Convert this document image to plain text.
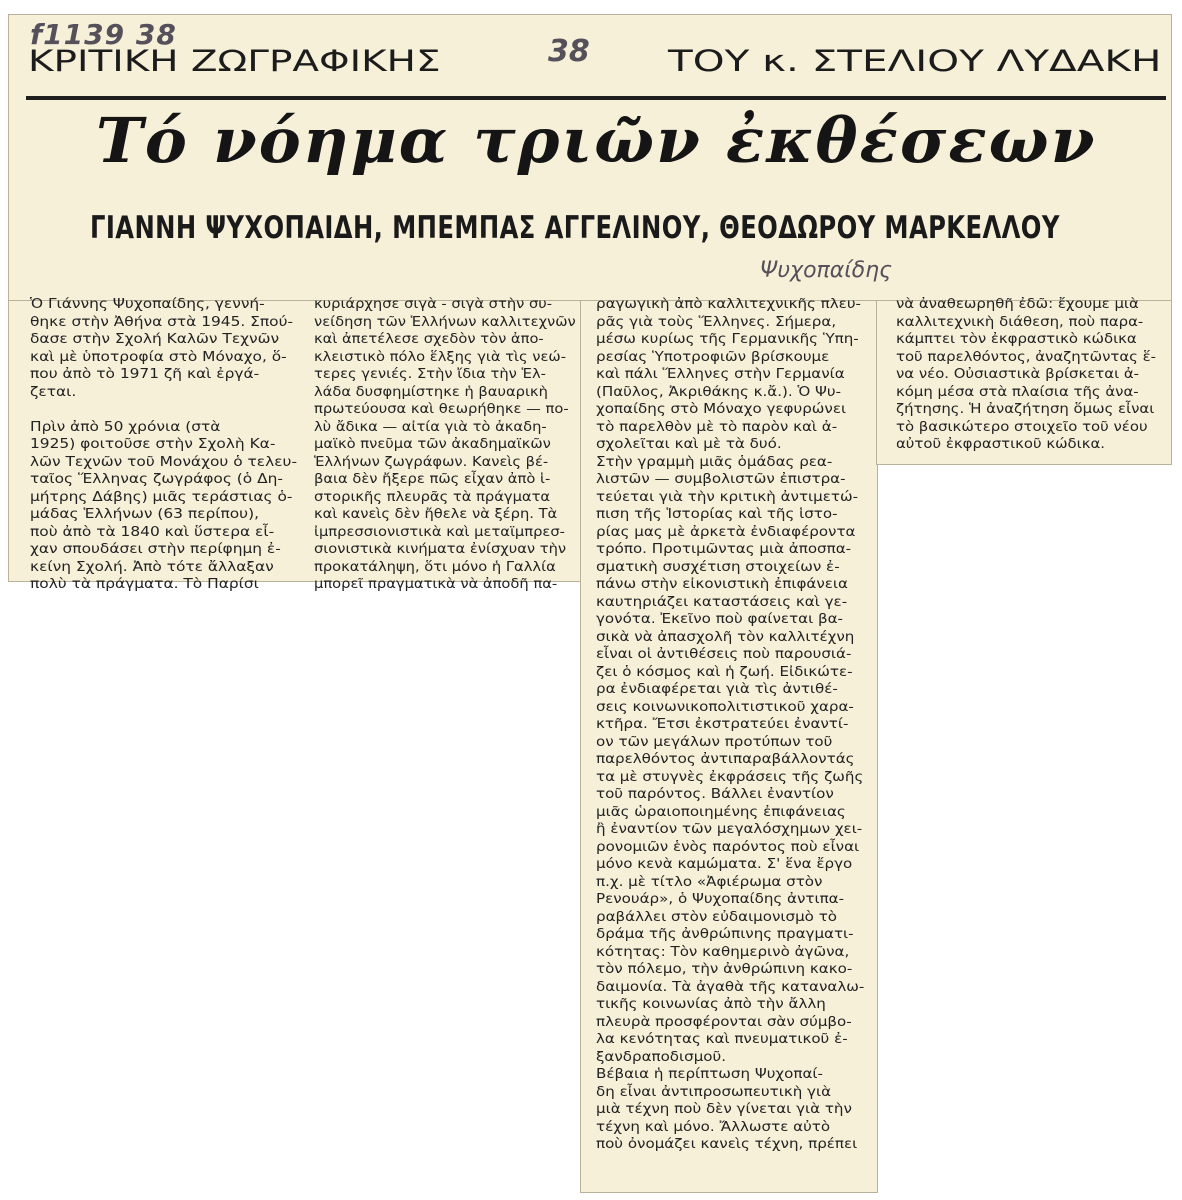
f1139 38	38
Ψυχοπαίδης
ΚΡΙΤΙΚΗ ΖΩΓΡΑΦΙΚΗΣ	ΤΟΥ κ. ΣΤΕΛΙΟΥ ΛΥΔΑΚΗ
Τό νόημα τριῶν ἐκθέσεων
ΓΙΑΝΝΗ ΨΥΧΟΠΑΙΔΗ, ΜΠΕΜΠΑΣ ΑΓΓΕΛΙΝΟΥ, ΘΕΟΔΩΡΟΥ ΜΑΡΚΕΛΛΟΥ
Ὁ Γιάννης Ψυχοπαίδης, γεννή-
θηκε στὴν Ἀθήνα στὰ 1945. Σπού-
δασε στὴν Σχολή Καλῶν Τεχνῶν
καὶ μὲ ὑποτροφία στὸ Μόναχο, ὅ-
που ἀπὸ τὸ 1971 ζῆ καὶ ἐργά-
ζεται.
Πρὶν ἀπὸ 50 χρόνια (στὰ
1925) φοιτοῦσε στὴν Σχολὴ Κα-
λῶν Τεχνῶν τοῦ Μονάχου ὁ τελευ-
ταῖος Ἕλληνας ζωγράφος (ὁ Δη-
μήτρης Δάβης) μιᾶς τεράστιας ὁ-
μάδας Ἑλλήνων (63 περίπου),
ποὺ ἀπὸ τὰ 1840 καὶ ὕστερα εἶ-
χαν σπουδάσει στὴν περίφημη ἐ-
κείνη Σχολή. Ἀπὸ τότε ἄλλαξαν
πολὺ τὰ πράγματα. Τὸ Παρίσι
κυριάρχησε σιγὰ - σιγὰ στὴν συ-
νείδηση τῶν Ἑλλήνων καλλιτεχνῶν
καὶ ἀπετέλεσε σχεδὸν τὸν ἀπο-
κλειστικὸ πόλο ἕλξης γιὰ τὶς νεώ-
τερες γενιές. Στὴν ἴδια τὴν Ἑλ-
λάδα δυσφημίστηκε ἡ βαυαρικὴ
πρωτεύουσα καὶ θεωρήθηκε — πο-
λὺ ἄδικα — αἰτία γιὰ τὸ ἀκαδη-
μαϊκὸ πνεῦμα τῶν ἀκαδημαϊκῶν
Ἑλλήνων ζωγράφων. Κανεὶς βέ-
βαια δὲν ἤξερε πῶς εἶχαν ἀπὸ ἱ-
στορικῆς πλευρᾶς τὰ πράγματα
καὶ κανεὶς δὲν ἤθελε νὰ ξέρη. Τὰ
ἰμπρεσσιονιστικὰ καὶ μεταϊμπρεσ-
σιονιστικὰ κινήματα ἐνίσχυαν τὴν
προκατάληψη, ὅτι μόνο ἡ Γαλλία
μπορεῖ πραγματικὰ νὰ ἀποδῆ πα-
ραγωγικὴ ἀπὸ καλλιτεχνικῆς πλευ-
ρᾶς γιὰ τοὺς Ἕλληνες. Σήμερα,
μέσω κυρίως τῆς Γερμανικῆς Ὑπη-
ρεσίας Ὑποτροφιῶν βρίσκουμε
καὶ πάλι Ἕλληνες στὴν Γερμανία
(Παῦλος, Ἀκριθάκης κ.ἄ.). Ὁ Ψυ-
χοπαίδης στὸ Μόναχο γεφυρώνει
τὸ παρελθὸν μὲ τὸ παρὸν καὶ ἀ-
σχολεῖται καὶ μὲ τὰ δυό.
Στὴν γραμμὴ μιᾶς ὁμάδας ρεα-
λιστῶν — συμβολιστῶν ἐπιστρα-
τεύεται γιὰ τὴν κριτικὴ ἀντιμετώ-
πιση τῆς Ἱστορίας καὶ τῆς ἱστο-
ρίας μας μὲ ἀρκετὰ ἐνδιαφέροντα
τρόπο. Προτιμῶντας μιὰ ἀποσπα-
σματικὴ συσχέτιση στοιχείων ἐ-
πάνω στὴν εἰκονιστικὴ ἐπιφάνεια
καυτηριάζει καταστάσεις καὶ γε-
γονότα. Ἐκεῖνο ποὺ φαίνεται βα-
σικὰ νὰ ἀπασχολῆ τὸν καλλιτέχνη
εἶναι οἱ ἀντιθέσεις ποὺ παρουσιά-
ζει ὁ κόσμος καὶ ἡ ζωή. Εἰδικώτε-
ρα ἐνδιαφέρεται γιὰ τὶς ἀντιθέ-
σεις κοινωνικοπολιτιστικοῦ χαρα-
κτῆρα. Ἔτσι ἐκστρατεύει ἐναντί-
ον τῶν μεγάλων προτύπων τοῦ
παρελθόντος ἀντιπαραβάλλοντάς
τα μὲ στυγνὲς ἐκφράσεις τῆς ζωῆς
τοῦ παρόντος. Βάλλει ἐναντίον
μιᾶς ὡραιοποιημένης ἐπιφάνειας
ἢ ἐναντίον τῶν μεγαλόσχημων χει-
ρονομιῶν ἑνὸς παρόντος ποὺ εἶναι
μόνο κενὰ καμώματα. Σ' ἕνα ἔργο
π.χ. μὲ τίτλο «Ἀφιέρωμα στὸν
Ρενουάρ», ὁ Ψυχοπαίδης ἀντιπα-
ραβάλλει στὸν εὐδαιμονισμὸ τὸ
δράμα τῆς ἀνθρώπινης πραγματι-
κότητας: Τὸν καθημερινὸ ἀγῶνα,
τὸν πόλεμο, τὴν ἀνθρώπινη κακο-
δαιμονία. Τὰ ἀγαθὰ τῆς καταναλω-
τικῆς κοινωνίας ἀπὸ τὴν ἄλλη
πλευρὰ προσφέρονται σὰν σύμβο-
λα κενότητας καὶ πνευματικοῦ ἐ-
ξανδραποδισμοῦ.
Βέβαια ἡ περίπτωση Ψυχοπαί-
δη εἶναι ἀντιπροσωπευτικὴ γιὰ
μιὰ τέχνη ποὺ δὲν γίνεται γιὰ τὴν
τέχνη καὶ μόνο. Ἄλλωστε αὐτὸ
ποὺ ὀνομάζει κανεὶς τέχνη, πρέπει
νὰ ἀναθεωρηθῆ ἐδῶ: ἔχουμε μιὰ
καλλιτεχνικὴ διάθεση, ποὺ παρα-
κάμπτει τὸν ἐκφραστικὸ κώδικα
τοῦ παρελθόντος, ἀναζητῶντας ἕ-
να νέο. Οὐσιαστικὰ βρίσκεται ἀ-
κόμη μέσα στὰ πλαίσια τῆς ἀνα-
ζήτησης. Ἡ ἀναζήτηση ὅμως εἶναι
τὸ βασικώτερο στοιχεῖο τοῦ νέου
αὐτοῦ ἐκφραστικοῦ κώδικα.
